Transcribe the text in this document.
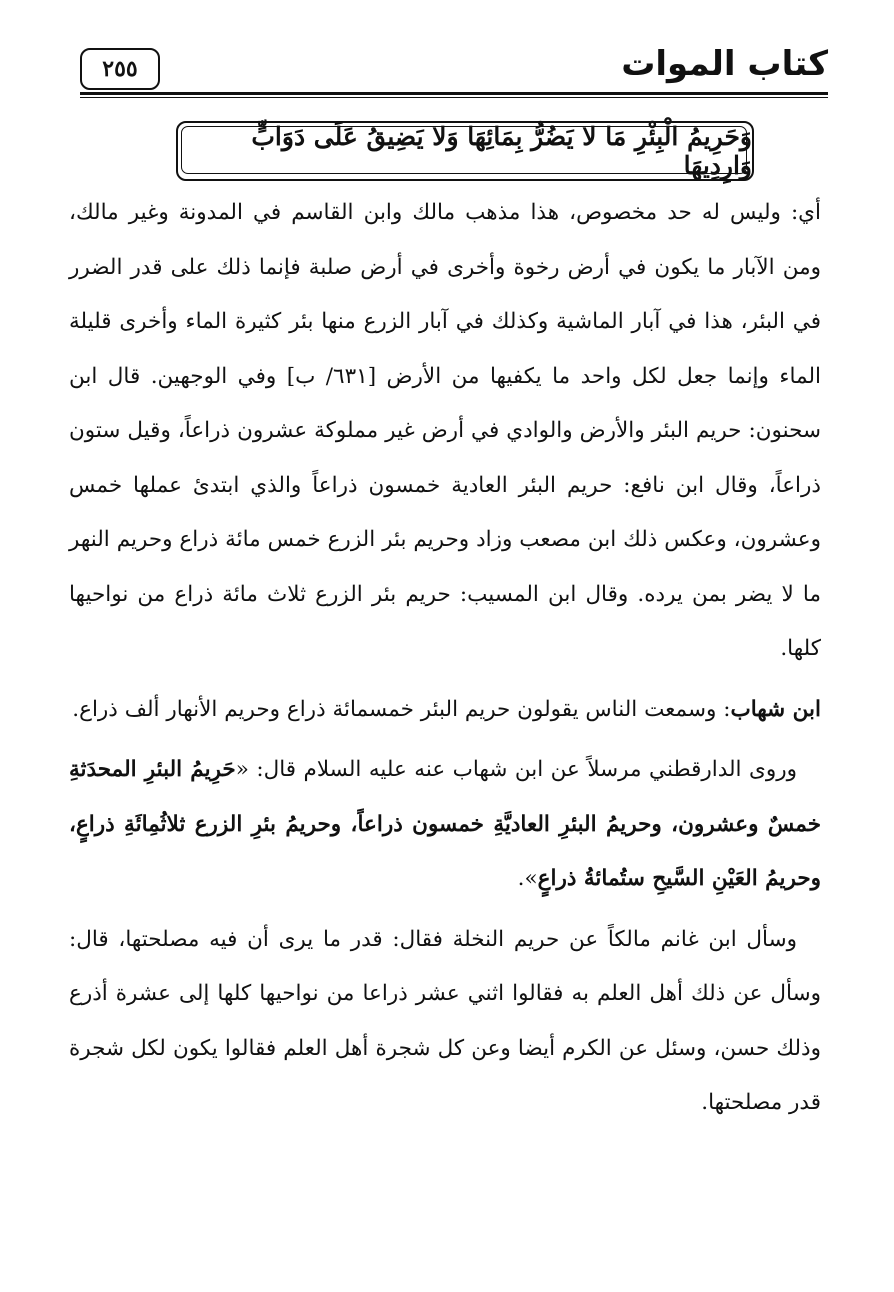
كتاب الموات
٢٥٥
وَحَرِيمُ الْبِئْرِ مَا لا يَضُرُّ بِمَائِهَا وَلا يَضِيقُ عَلَى دَوَابٍّ وَارِدِيهَا

أي: وليس له حد مخصوص، هذا مذهب مالك وابن القاسم في المدونة وغير مالك، ومن الآبار ما يكون في أرض رخوة وأخرى في أرض صلبة فإنما ذلك على قدر الضرر في البئر، هذا في آبار الماشية وكذلك في آبار الزرع منها بئر كثيرة الماء وأخرى قليلة الماء وإنما جعل لكل واحد ما يكفيها من الأرض [٦٣١/ ب] وفي الوجهين. قال ابن سحنون: حريم البئر والأرض والوادي في أرض غير مملوكة عشرون ذراعاً، وقيل ستون ذراعاً، وقال ابن نافع: حريم البئر العادية خمسون ذراعاً والذي ابتدئ عملها خمس وعشرون، وعكس ذلك ابن مصعب وزاد وحريم بئر الزرع خمس مائة ذراع وحريم النهر ما لا يضر بمن يرده. وقال ابن المسيب: حريم بئر الزرع ثلاث مائة ذراع من نواحيها كلها.

ابن شهاب: وسمعت الناس يقولون حريم البئر خمسمائة ذراع وحريم الأنهار ألف ذراع.

وروى الدارقطني مرسلاً عن ابن شهاب عنه عليه السلام قال: «حَرِيمُ البئرِ المحدَثةِ خمسٌ وعشرون، وحريمُ البئرِ العاديَّةِ خمسون ذراعاً، وحريمُ بئرِ الزرع ثلاثُمِائَةِ ذراعٍ، وحريمُ العَيْنِ السَّيحِ ستُمائةُ ذراعٍ».

وسأل ابن غانم مالكاً عن حريم النخلة فقال: قدر ما يرى أن فيه مصلحتها، قال: وسأل عن ذلك أهل العلم به فقالوا اثني عشر ذراعا من نواحيها كلها إلى عشرة أذرع وذلك حسن، وسئل عن الكرم أيضا وعن كل شجرة أهل العلم فقالوا يكون لكل شجرة قدر مصلحتها.
